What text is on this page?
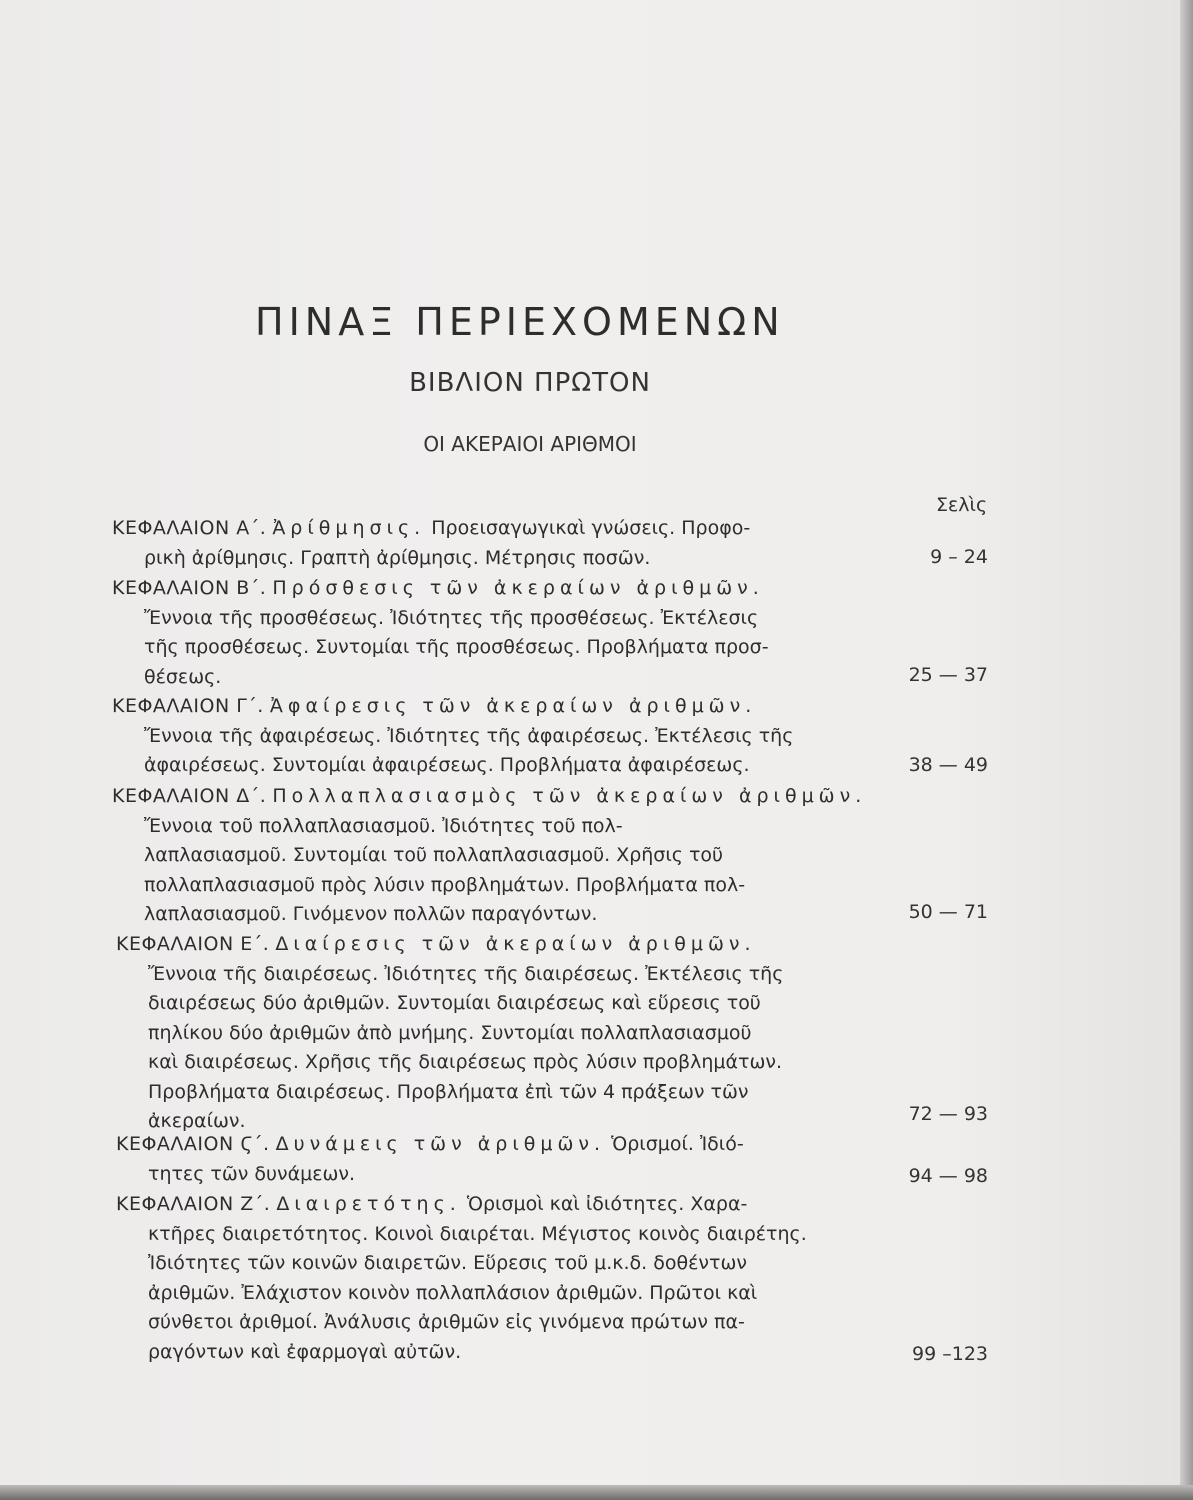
ΠΙΝΑΞ ΠΕΡΙΕΧΟΜΕΝΩΝ
ΒΙΒΛΙΟΝ ΠΡΩΤΟΝ
ΟΙ ΑΚΕΡΑΙΟΙ ΑΡΙΘΜΟΙ
Σελὶς
ΚΕΦΑΛΑΙΟΝ Α΄. Ἀρίθμησις. Προεισαγωγικαὶ γνώσεις. Προφο-
ρικὴ ἀρίθμησις. Γραπτὴ ἀρίθμησις. Μέτρησις ποσῶν.	9 – 24
ΚΕΦΑΛΑΙΟΝ Β΄. Πρόσθεσις τῶν ἀκεραίων ἀριθμῶν.
Ἔννοια τῆς προσθέσεως. Ἰδιότητες τῆς προσθέσεως. Ἐκτέλεσις
τῆς προσθέσεως. Συντομίαι τῆς προσθέσεως. Προβλήματα προσ-
θέσεως.	25 — 37
ΚΕΦΑΛΑΙΟΝ Γ΄. Ἀφαίρεσις τῶν ἀκεραίων ἀριθμῶν.
Ἔννοια τῆς ἀφαιρέσεως. Ἰδιότητες τῆς ἀφαιρέσεως. Ἐκτέλεσις τῆς
ἀφαιρέσεως. Συντομίαι ἀφαιρέσεως. Προβλήματα ἀφαιρέσεως.	38 — 49
ΚΕΦΑΛΑΙΟΝ Δ΄. Πολλαπλασιασμὸς τῶν ἀκεραίων ἀριθμῶν.
Ἔννοια τοῦ πολλαπλασιασμοῦ. Ἰδιότητες τοῦ πολ-
λαπλασιασμοῦ. Συντομίαι τοῦ πολλαπλασιασμοῦ. Χρῆσις τοῦ
πολλαπλασιασμοῦ πρὸς λύσιν προβλημάτων. Προβλήματα πολ-
λαπλασιασμοῦ. Γινόμενον πολλῶν παραγόντων.	50 — 71
ΚΕΦΑΛΑΙΟΝ Ε΄. Διαίρεσις τῶν ἀκεραίων ἀριθμῶν.
Ἔννοια τῆς διαιρέσεως. Ἰδιότητες τῆς διαιρέσεως. Ἐκτέλεσις τῆς
διαιρέσεως δύο ἀριθμῶν. Συντομίαι διαιρέσεως καὶ εὕρεσις τοῦ
πηλίκου δύο ἀριθμῶν ἀπὸ μνήμης. Συντομίαι πολλαπλασιασμοῦ
καὶ διαιρέσεως. Χρῆσις τῆς διαιρέσεως πρὸς λύσιν προβλημάτων.
Προβλήματα διαιρέσεως. Προβλήματα ἐπὶ τῶν 4 πράξεων τῶν
ἀκεραίων.	72 — 93
ΚΕΦΑΛΑΙΟΝ Ϛ΄. Δυνάμεις τῶν ἀριθμῶν. Ὁρισμοί. Ἰδιό-
τητες τῶν δυνάμεων.	94 — 98
ΚΕΦΑΛΑΙΟΝ Ζ΄. Διαιρετότης. Ὁρισμοὶ καὶ ἰδιότητες. Χαρα-
κτῆρες διαιρετότητος. Κοινοὶ διαιρέται. Μέγιστος κοινὸς διαιρέτης.
Ἰδιότητες τῶν κοινῶν διαιρετῶν. Εὕρεσις τοῦ μ.κ.δ. δοθέντων
ἀριθμῶν. Ἐλάχιστον κοινὸν πολλαπλάσιον ἀριθμῶν. Πρῶτοι καὶ
σύνθετοι ἀριθμοί. Ἀνάλυσις ἀριθμῶν εἰς γινόμενα πρώτων πα-
ραγόντων καὶ ἐφαρμογαὶ αὐτῶν.	99 –123
